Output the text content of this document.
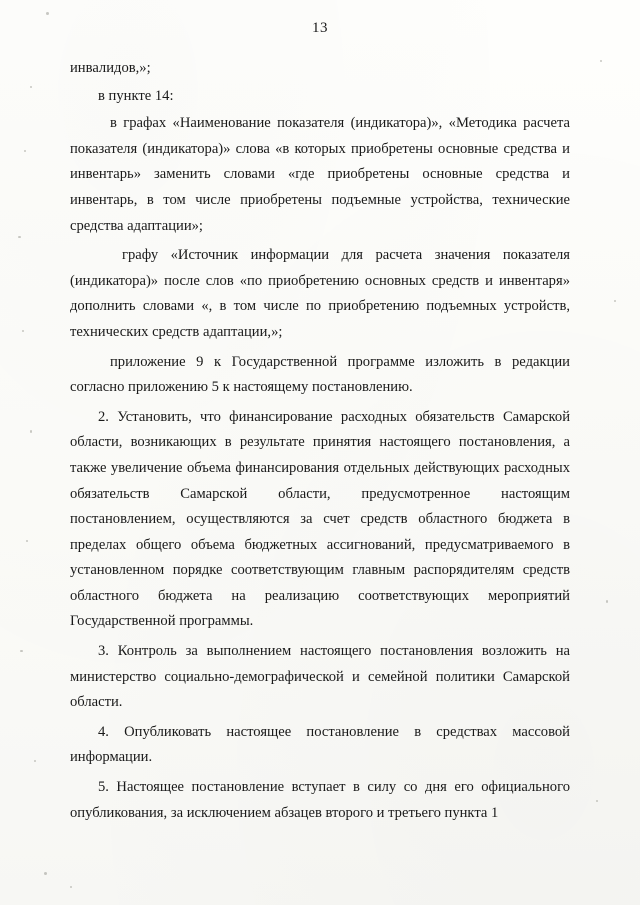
13

инвалидов,»;

в пункте 14:

в графах «Наименование показателя (индикатора)», «Методика расчета показателя (индикатора)» слова «в которых приобретены основные средства и инвентарь» заменить словами «где приобретены основные средства и инвентарь, в том числе приобретены подъемные устройства, технические средства адаптации»;

графу «Источник информации для расчета значения показателя (индикатора)» после слов «по приобретению основных средств и инвентаря» дополнить словами «, в том числе по приобретению подъемных устройств, технических средств адаптации,»;

приложение 9 к Государственной программе изложить в редакции согласно приложению 5 к настоящему постановлению.

2. Установить, что финансирование расходных обязательств Самарской области, возникающих в результате принятия настоящего постановления, а также увеличение объема финансирования отдельных действующих расходных обязательств Самарской области, предусмотренное настоящим постановлением, осуществляются за счет средств областного бюджета в пределах общего объема бюджетных ассигнований, предусматриваемого в установленном порядке соответствующим главным распорядителям средств областного бюджета на реализацию соответствующих мероприятий Государственной программы.

3. Контроль за выполнением настоящего постановления возложить на министерство социально-демографической и семейной политики Самарской области.

4. Опубликовать настоящее постановление в средствах массовой информации.

5. Настоящее постановление вступает в силу со дня его официального опубликования, за исключением абзацев второго и третьего пункта 1
